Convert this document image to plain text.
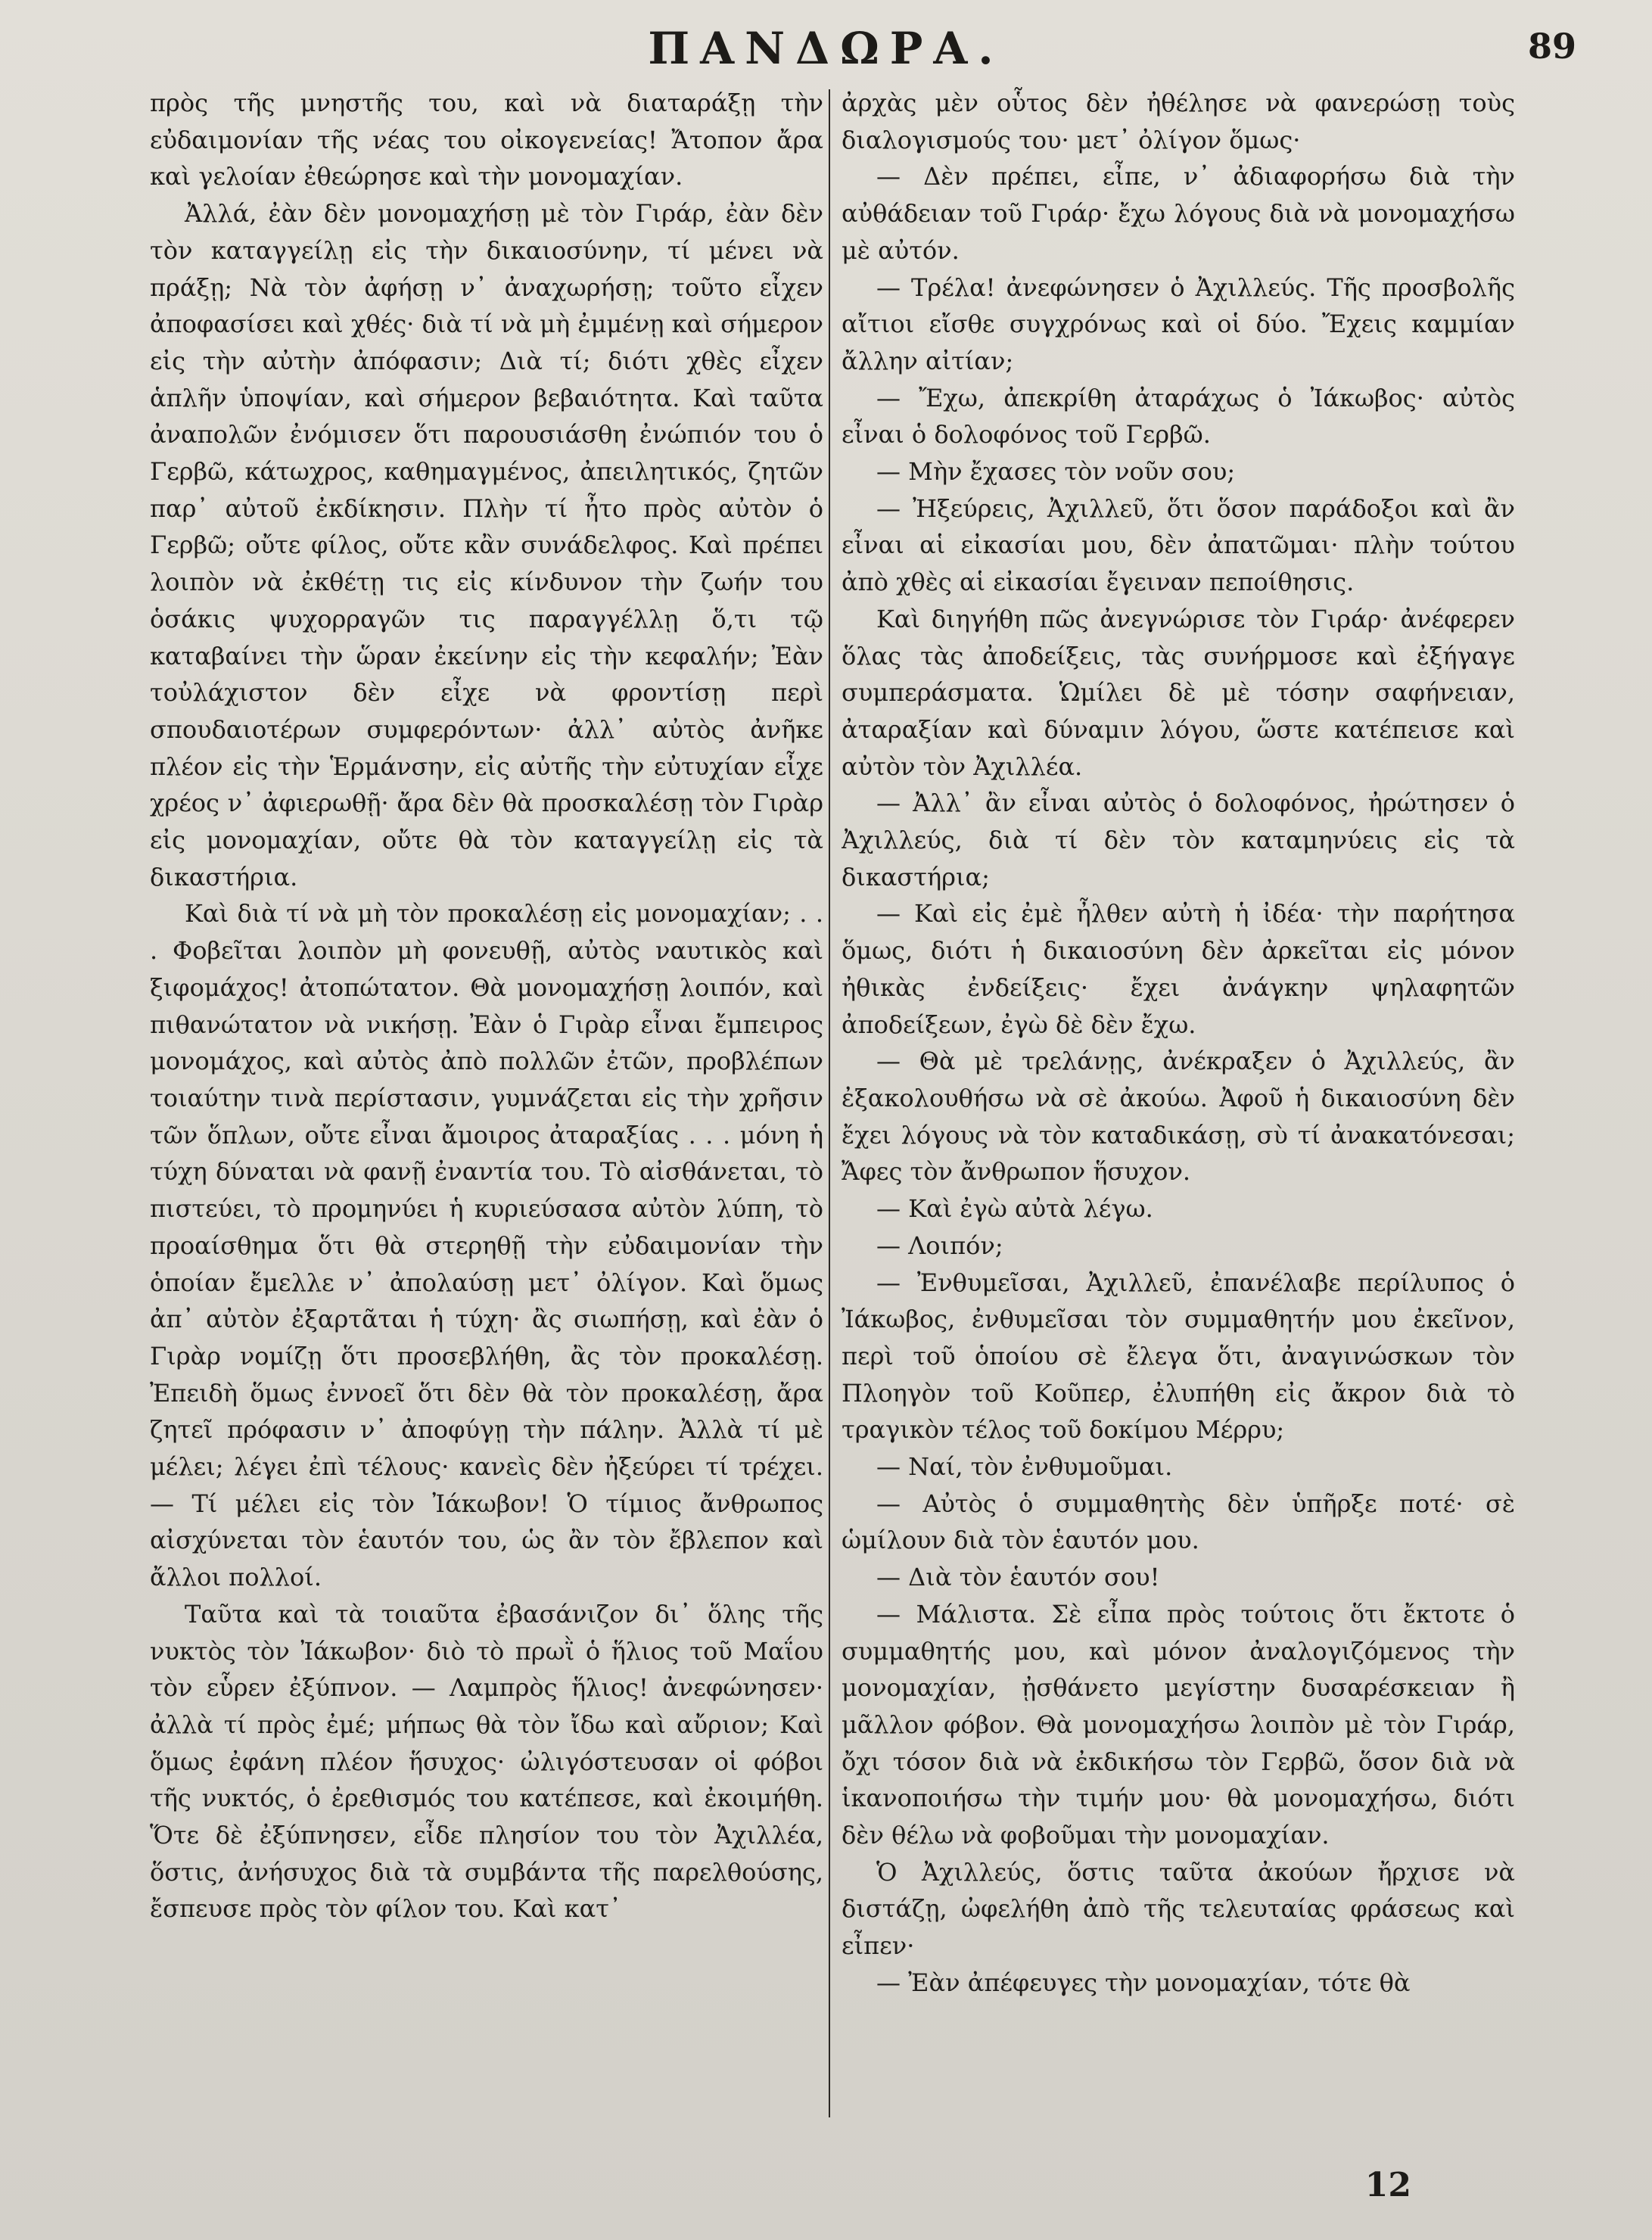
ΠΑΝΔΩΡΑ.	89

πρὸς τῆς μνηστῆς του, καὶ νὰ διαταράξῃ τὴν εὐδαιμονίαν τῆς νέας του οἰκογενείας! Ἄτοπον ἄρα καὶ γελοίαν ἐθεώρησε καὶ τὴν μονομαχίαν.

Ἀλλά, ἐὰν δὲν μονομαχήσῃ μὲ τὸν Γιράρ, ἐὰν δὲν τὸν καταγγείλῃ εἰς τὴν δικαιοσύνην, τί μένει νὰ πράξῃ; Νὰ τὸν ἀφήσῃ ν᾽ ἀναχωρήσῃ; τοῦτο εἶχεν ἀποφασίσει καὶ χθές· διὰ τί νὰ μὴ ἐμμένῃ καὶ σήμερον εἰς τὴν αὐτὴν ἀπόφασιν; Διὰ τί; διότι χθὲς εἶχεν ἁπλῆν ὑποψίαν, καὶ σήμερον βεβαιότητα. Καὶ ταῦτα ἀναπολῶν ἐνόμισεν ὅτι παρουσιάσθη ἐνώπιόν του ὁ Γερβῶ, κάτωχρος, καθημαγμένος, ἀπειλητικός, ζητῶν παρ᾽ αὐτοῦ ἐκδίκησιν. Πλὴν τί ἦτο πρὸς αὐτὸν ὁ Γερβῶ; οὔτε φίλος, οὔτε κἂν συνάδελφος. Καὶ πρέπει λοιπὸν νὰ ἐκθέτῃ τις εἰς κίνδυνον τὴν ζωήν του ὁσάκις ψυχορραγῶν τις παραγγέλλῃ ὅ,τι τῷ καταβαίνει τὴν ὥραν ἐκείνην εἰς τὴν κεφαλήν; Ἐὰν τοὐλάχιστον δὲν εἶχε νὰ φροντίσῃ περὶ σπουδαιοτέρων συμφερόντων· ἀλλ᾽ αὐτὸς ἀνῆκε πλέον εἰς τὴν Ἑρμάνσην, εἰς αὐτῆς τὴν εὐτυχίαν εἶχε χρέος ν᾽ ἀφιερωθῇ· ἄρα δὲν θὰ προσκαλέσῃ τὸν Γιρὰρ εἰς μονομαχίαν, οὔτε θὰ τὸν καταγγείλῃ εἰς τὰ δικαστήρια.

Καὶ διὰ τί νὰ μὴ τὸν προκαλέσῃ εἰς μονομαχίαν; . . . Φοβεῖται λοιπὸν μὴ φονευθῇ, αὐτὸς ναυτικὸς καὶ ξιφομάχος! ἀτοπώτατον. Θὰ μονομαχήσῃ λοιπόν, καὶ πιθανώτατον νὰ νικήσῃ. Ἐὰν ὁ Γιρὰρ εἶναι ἔμπειρος μονομάχος, καὶ αὐτὸς ἀπὸ πολλῶν ἐτῶν, προβλέπων τοιαύτην τινὰ περίστασιν, γυμνάζεται εἰς τὴν χρῆσιν τῶν ὅπλων, οὔτε εἶναι ἄμοιρος ἀταραξίας . . . μόνη ἡ τύχη δύναται νὰ φανῇ ἐναντία του. Τὸ αἰσθάνεται, τὸ πιστεύει, τὸ προμηνύει ἡ κυριεύσασα αὐτὸν λύπη, τὸ προαίσθημα ὅτι θὰ στερηθῇ τὴν εὐδαιμονίαν τὴν ὁποίαν ἔμελλε ν᾽ ἀπολαύσῃ μετ᾽ ὀλίγον. Καὶ ὅμως ἀπ᾽ αὐτὸν ἐξαρτᾶται ἡ τύχη· ἂς σιωπήσῃ, καὶ ἐὰν ὁ Γιρὰρ νομίζῃ ὅτι προσεβλήθη, ἂς τὸν προκαλέσῃ. Ἐπειδὴ ὅμως ἐννοεῖ ὅτι δὲν θὰ τὸν προκαλέσῃ, ἄρα ζητεῖ πρόφασιν ν᾽ ἀποφύγῃ τὴν πάλην. Ἀλλὰ τί μὲ μέλει; λέγει ἐπὶ τέλους· κανεὶς δὲν ἠξεύρει τί τρέχει. — Τί μέλει εἰς τὸν Ἰάκωβον! Ὁ τίμιος ἄνθρωπος αἰσχύνεται τὸν ἑαυτόν του, ὡς ἂν τὸν ἔβλεπον καὶ ἄλλοι πολλοί.

Ταῦτα καὶ τὰ τοιαῦτα ἐβασάνιζον δι᾽ ὅλης τῆς νυκτὸς τὸν Ἰάκωβον· διὸ τὸ πρωῒ ὁ ἥλιος τοῦ Μαΐου τὸν εὗρεν ἐξύπνον. — Λαμπρὸς ἥλιος! ἀνεφώνησεν· ἀλλὰ τί πρὸς ἐμέ; μήπως θὰ τὸν ἴδω καὶ αὔριον; Καὶ ὅμως ἐφάνη πλέον ἥσυχος· ὠλιγόστευσαν οἱ φόβοι τῆς νυκτός, ὁ ἐρεθισμός του κατέπεσε, καὶ ἐκοιμήθη. Ὅτε δὲ ἐξύπνησεν, εἶδε πλησίον του τὸν Ἀχιλλέα, ὅστις, ἀνήσυχος διὰ τὰ συμβάντα τῆς παρελθούσης, ἔσπευσε πρὸς τὸν φίλον του. Καὶ κατ᾽

ἀρχὰς μὲν οὗτος δὲν ἠθέλησε νὰ φανερώσῃ τοὺς διαλογισμούς του· μετ᾽ ὀλίγον ὅμως·

— Δὲν πρέπει, εἶπε, ν᾽ ἀδιαφορήσω διὰ τὴν αὐθάδειαν τοῦ Γιράρ· ἔχω λόγους διὰ νὰ μονομαχήσω μὲ αὐτόν.

— Τρέλα! ἀνεφώνησεν ὁ Ἀχιλλεύς. Τῆς προσβολῆς αἴτιοι εἴσθε συγχρόνως καὶ οἱ δύο. Ἔχεις καμμίαν ἄλλην αἰτίαν;

— Ἔχω, ἀπεκρίθη ἀταράχως ὁ Ἰάκωβος· αὐτὸς εἶναι ὁ δολοφόνος τοῦ Γερβῶ.

— Μὴν ἔχασες τὸν νοῦν σου;

— Ἠξεύρεις, Ἀχιλλεῦ, ὅτι ὅσον παράδοξοι καὶ ἂν εἶναι αἱ εἰκασίαι μου, δὲν ἀπατῶμαι· πλὴν τούτου ἀπὸ χθὲς αἱ εἰκασίαι ἔγειναν πεποίθησις.

Καὶ διηγήθη πῶς ἀνεγνώρισε τὸν Γιράρ· ἀνέφερεν ὅλας τὰς ἀποδείξεις, τὰς συνήρμοσε καὶ ἐξήγαγε συμπεράσματα. Ὡμίλει δὲ μὲ τόσην σαφήνειαν, ἀταραξίαν καὶ δύναμιν λόγου, ὥστε κατέπεισε καὶ αὐτὸν τὸν Ἀχιλλέα.

— Ἀλλ᾽ ἂν εἶναι αὐτὸς ὁ δολοφόνος, ἠρώτησεν ὁ Ἀχιλλεύς, διὰ τί δὲν τὸν καταμηνύεις εἰς τὰ δικαστήρια;

— Καὶ εἰς ἐμὲ ἦλθεν αὐτὴ ἡ ἰδέα· τὴν παρήτησα ὅμως, διότι ἡ δικαιοσύνη δὲν ἀρκεῖται εἰς μόνον ἠθικὰς ἐνδείξεις· ἔχει ἀνάγκην ψηλαφητῶν ἀποδείξεων, ἐγὼ δὲ δὲν ἔχω.

— Θὰ μὲ τρελάνῃς, ἀνέκραξεν ὁ Ἀχιλλεύς, ἂν ἐξακολουθήσω νὰ σὲ ἀκούω. Ἀφοῦ ἡ δικαιοσύνη δὲν ἔχει λόγους νὰ τὸν καταδικάσῃ, σὺ τί ἀνακατόνεσαι; Ἄφες τὸν ἄνθρωπον ἥσυχον.

— Καὶ ἐγὼ αὐτὰ λέγω.

— Λοιπόν;

— Ἐνθυμεῖσαι, Ἀχιλλεῦ, ἐπανέλαβε περίλυπος ὁ Ἰάκωβος, ἐνθυμεῖσαι τὸν συμμαθητήν μου ἐκεῖνον, περὶ τοῦ ὁποίου σὲ ἔλεγα ὅτι, ἀναγινώσκων τὸν Πλοηγὸν τοῦ Κοῦπερ, ἐλυπήθη εἰς ἄκρον διὰ τὸ τραγικὸν τέλος τοῦ δοκίμου Μέρρυ;

— Ναί, τὸν ἐνθυμοῦμαι.

— Αὐτὸς ὁ συμμαθητὴς δὲν ὑπῆρξε ποτέ· σὲ ὡμίλουν διὰ τὸν ἑαυτόν μου.

— Διὰ τὸν ἑαυτόν σου!

— Μάλιστα. Σὲ εἶπα πρὸς τούτοις ὅτι ἔκτοτε ὁ συμμαθητής μου, καὶ μόνον ἀναλογιζόμενος τὴν μονομαχίαν, ᾐσθάνετο μεγίστην δυσαρέσκειαν ἢ μᾶλλον φόβον. Θὰ μονομαχήσω λοιπὸν μὲ τὸν Γιράρ, ὄχι τόσον διὰ νὰ ἐκδικήσω τὸν Γερβῶ, ὅσον διὰ νὰ ἱκανοποιήσω τὴν τιμήν μου· θὰ μονομαχήσω, διότι δὲν θέλω νὰ φοβοῦμαι τὴν μονομαχίαν.

Ὁ Ἀχιλλεύς, ὅστις ταῦτα ἀκούων ἤρχισε νὰ διστάζῃ, ὠφελήθη ἀπὸ τῆς τελευταίας φράσεως καὶ εἶπεν·

— Ἐὰν ἀπέφευγες τὴν μονομαχίαν, τότε θὰ

12
